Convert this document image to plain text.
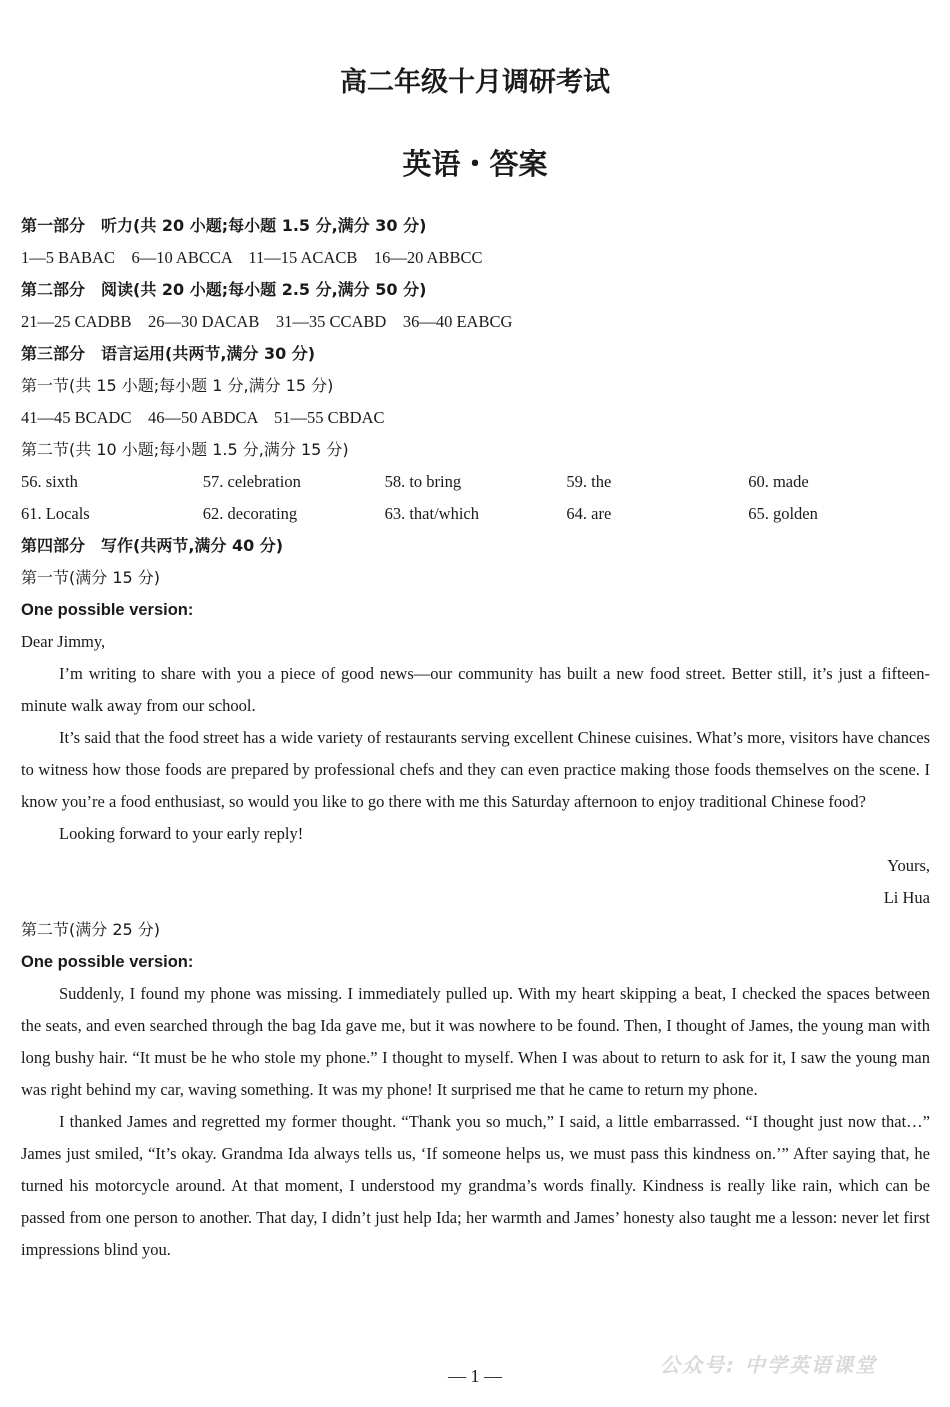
高二年级十月调研考试
英语・答案
第一部分　听力(共 20 小题;每小题 1.5 分,满分 30 分)
1—5 BABAC　6—10 ABCCA　11—15 ACACB　16—20 ABBCC
第二部分　阅读(共 20 小题;每小题 2.5 分,满分 50 分)
21—25 CADBB　26—30 DACAB　31—35 CCABD　36—40 EABCG
第三部分　语言运用(共两节,满分 30 分)
第一节(共 15 小题;每小题 1 分,满分 15 分)
41—45 BCADC　46—50 ABDCA　51—55 CBDAC
第二节(共 10 小题;每小题 1.5 分,满分 15 分)
56. sixth	57. celebration	58. to bring	59. the	60. made
61. Locals	62. decorating	63. that/which	64. are	65. golden
第四部分　写作(共两节,满分 40 分)
第一节(满分 15 分)
One possible version:
Dear Jimmy,

I’m writing to share with you a piece of good news—our community has built a new food street. Better still, it’s just a fifteen-minute walk away from our school.

It’s said that the food street has a wide variety of restaurants serving excellent Chinese cuisines. What’s more, visitors have chances to witness how those foods are prepared by professional chefs and they can even practice making those foods themselves on the scene. I know you’re a food enthusiast, so would you like to go there with me this Saturday afternoon to enjoy traditional Chinese food?

Looking forward to your early reply!

Yours,
Li Hua
第二节(满分 25 分)
One possible version:

Suddenly, I found my phone was missing. I immediately pulled up. With my heart skipping a beat, I checked the spaces between the seats, and even searched through the bag Ida gave me, but it was nowhere to be found. Then, I thought of James, the young man with long bushy hair. “It must be he who stole my phone.” I thought to myself. When I was about to return to ask for it, I saw the young man was right behind my car, waving something. It was my phone! It surprised me that he came to return my phone.

I thanked James and regretted my former thought. “Thank you so much,” I said, a little embarrassed. “I thought just now that…” James just smiled, “It’s okay. Grandma Ida always tells us, ‘If someone helps us, we must pass this kindness on.’” After saying that, he turned his motorcycle around. At that moment, I understood my grandma’s words finally. Kindness is really like rain, which can be passed from one person to another. That day, I didn’t just help Ida; her warmth and James’ honesty also taught me a lesson: never let first impressions blind you.

— 1 —	公众号: 中学英语课堂
